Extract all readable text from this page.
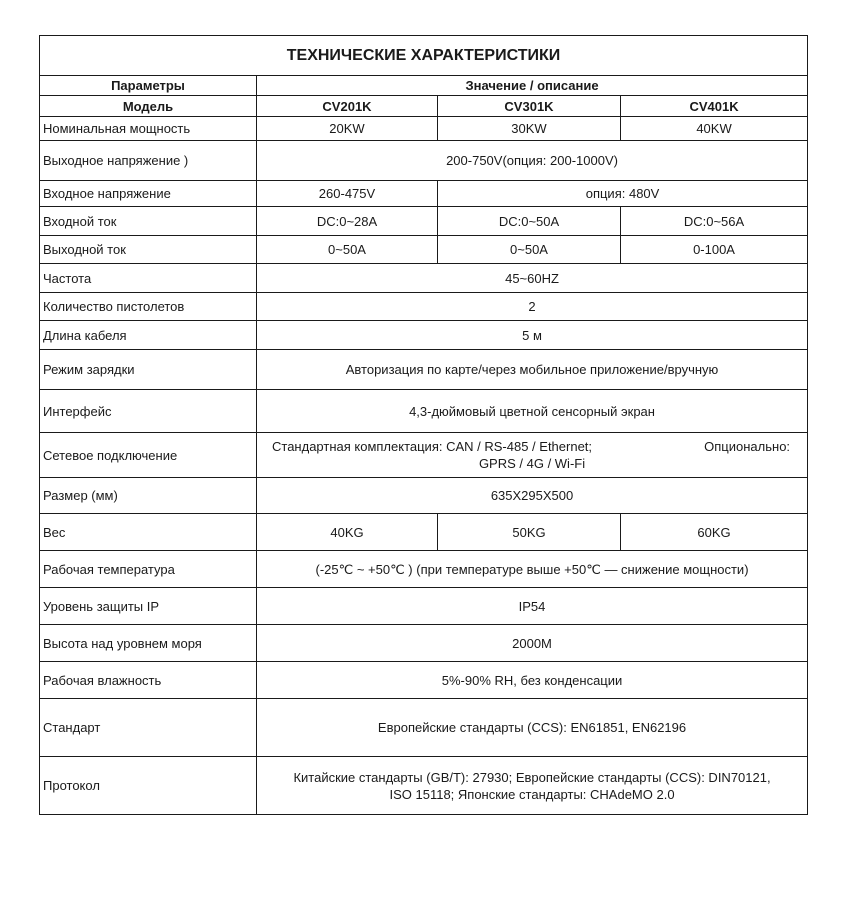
ТЕХНИЧЕСКИЕ ХАРАКТЕРИСТИКИ			
Параметры	Значение / описание		
Модель	CV201K	CV301K	CV401K
Номинальная мощность	20KW	30KW	40KW
Выходное напряжение )	200-750V(опция: 200-1000V)		
Входное напряжение	260-475V	опция: 480V	
Входной ток	DC:0~28A	DC:0~50A	DC:0~56A
Выходной ток	0~50A	0~50A	0-100A
Частота	45~60HZ		
Количество пистолетов	2		
Длина кабеля	5 м		
Режим зарядки	Авторизация по карте/через мобильное приложение/вручную		
Интерфейс	4,3-дюймовый цветной сенсорный экран		
Сетевое подключение	Стандартная комплектация: CAN / RS-485 / Ethernet; Опционально:
GPRS / 4G / Wi-Fi		

Размер (мм)	635X295X500		
Вес	40KG	50KG	60KG
Рабочая температура	(-25℃ ~ +50℃ ) (при температуре выше +50℃ — снижение мощности)		
Уровень защиты IP	IP54		
Высота над уровнем моря	2000M		
Рабочая влажность	5%-90% RH, без конденсации		
Стандарт	Европейские стандарты (CCS): EN61851, EN62196		
Протокол	Китайские стандарты (GB/T): 27930; Европейские стандарты (CCS): DIN70121,
ISO 15118; Японские стандарты: CHAdeMO 2.0		
